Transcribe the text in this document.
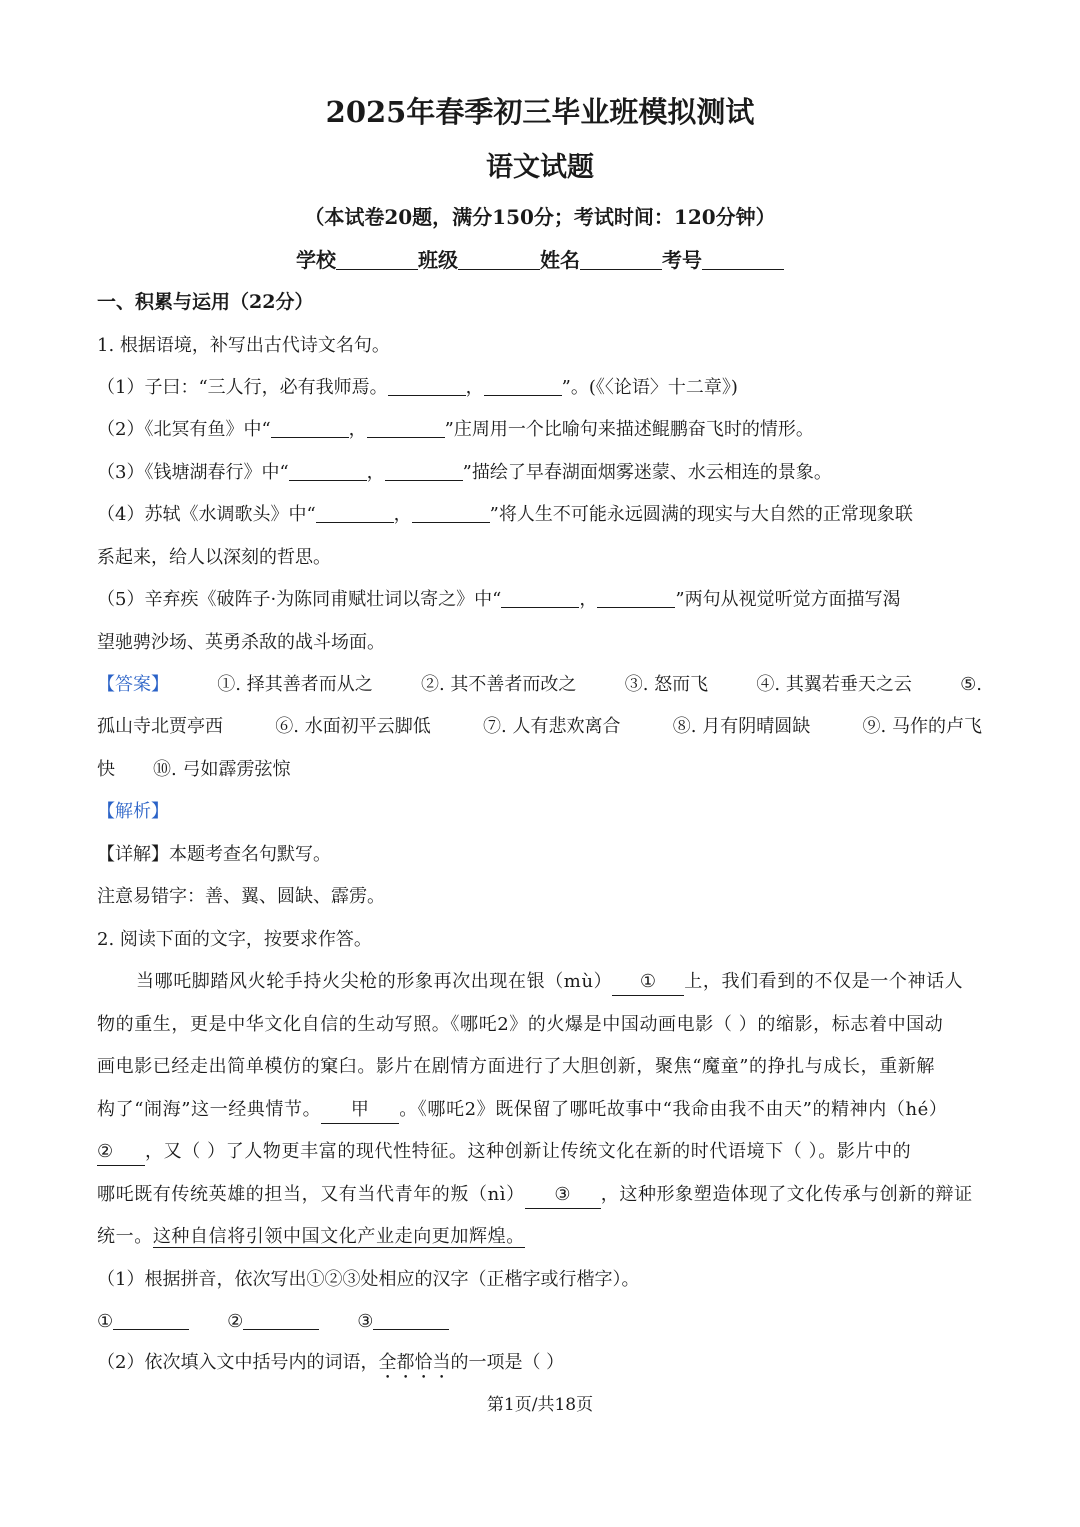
2025年春季初三毕业班模拟测试
语文试题
（本试卷20题，满分150分；考试时间：120分钟）
学校	班级	姓名	考号
一、积累与运用（22分）
1. 根据语境，补写出古代诗文名句。
（1）子曰：“三人行，必有我师焉。	，	”。(《〈论语〉十二章》)
（2）《北冥有鱼》中“	，	”庄周用一个比喻句来描述鲲鹏奋飞时的情形。
（3）《钱塘湖春行》中“	，	”描绘了早春湖面烟雾迷蒙、水云相连的景象。
（4）苏轼《水调歌头》中“	，	”将人生不可能永远圆满的现实与大自然的正常现象联
系起来，给人以深刻的哲思。
（5）辛弃疾《破阵子·为陈同甫赋壮词以寄之》中“	，	”两句从视觉听觉方面描写渴
望驰骋沙场、英勇杀敌的战斗场面。
【答案】	①. 择其善者而从之	②. 其不善者而改之	③. 怒而飞	④. 其翼若垂天之云	⑤.
孤山寺北贾亭西	⑥. 水面初平云脚低	⑦. 人有悲欢离合	⑧. 月有阴晴圆缺	⑨. 马作的卢飞
快 ⑩. 弓如霹雳弦惊
【解析】
【详解】本题考查名句默写。
注意易错字：善、翼、圆缺、霹雳。
2. 阅读下面的文字，按要求作答。
当哪吒脚踏风火轮手持火尖枪的形象再次出现在银（mù） ① 上，我们看到的不仅是一个神话人
物的重生，更是中华文化自信的生动写照。《哪吒2》的火爆是中国动画电影（ ）的缩影，标志着中国动
画电影已经走出简单模仿的窠臼。影片在剧情方面进行了大胆创新，聚焦“魔童”的挣扎与成长，重新解
构了“闹海”这一经典情节。 甲 。《哪吒2》既保留了哪吒故事中“我命由我不由天”的精神内（hé）
② ，又（ ）了人物更丰富的现代性特征。这种创新让传统文化在新的时代语境下（ ）。影片中的
哪吒既有传统英雄的担当，又有当代青年的叛（nì） ③ ，这种形象塑造体现了文化传承与创新的辩证
统一。这种自信将引领中国文化产业走向更加辉煌。
（1）根据拼音，依次写出①②③处相应的汉字（正楷字或行楷字）。
①	②	③
（2）依次填入文中括号内的词语，全都恰当的一项是（ ）
第1页/共18页
